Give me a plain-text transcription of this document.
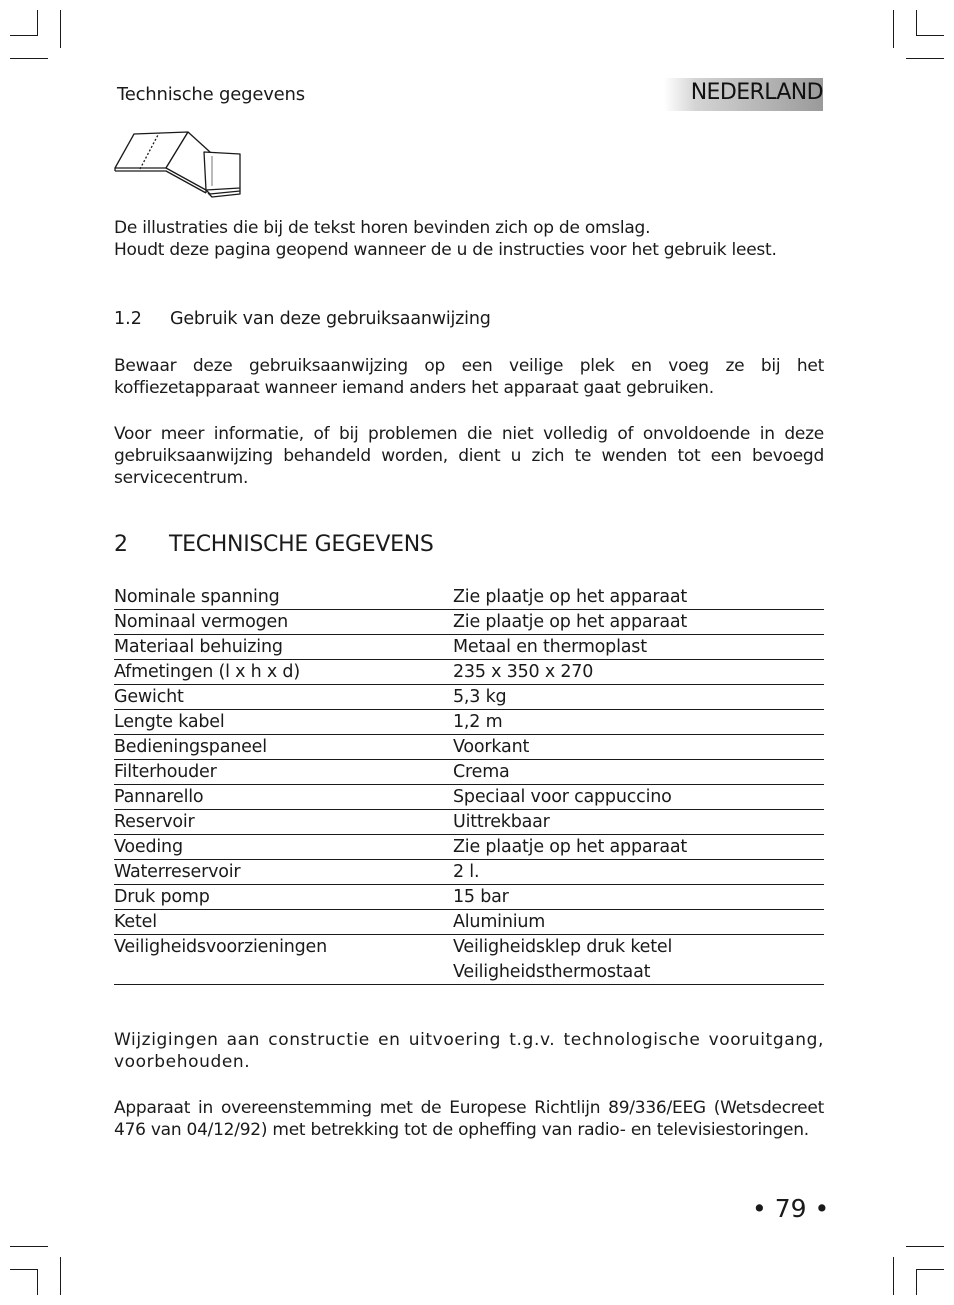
Technische gegevens	NEDERLAND
De illustraties die bij de tekst horen bevinden zich op de omslag.
Houdt deze pagina geopend wanneer de u de instructies voor het gebruik leest.
1.2 Gebruik van deze gebruiksaanwijzing

Bewaar deze gebruiksaanwijzing op een veilige plek en voeg ze bij het koffiezetapparaat wanneer iemand anders het apparaat gaat gebruiken.

Voor meer informatie, of bij problemen die niet volledig of onvoldoende in deze gebruiksaanwijzing behandeld worden, dient u zich te wenden tot een bevoegd servicecentrum.

2 TECHNISCHE GEGEVENS
Nominale spanning	Zie plaatje op het apparaat
Nominaal vermogen	Zie plaatje op het apparaat
Materiaal behuizing	Metaal en thermoplast
Afmetingen (l x h x d)	235 x 350 x 270
Gewicht	5,3 kg
Lengte kabel	1,2 m
Bedieningspaneel	Voorkant
Filterhouder	Crema
Pannarello	Speciaal voor cappuccino
Reservoir	Uittrekbaar
Voeding	Zie plaatje op het apparaat
Waterreservoir	2 l.
Druk pomp	15 bar
Ketel	Aluminium
Veiligheidsvoorzieningen	Veiligheidsklep druk ketel
Veiligheidsthermostaat

Wijzigingen aan constructie en uitvoering t.g.v. technologische vooruitgang, voorbehouden.

Apparaat in overeenstemming met de Europese Richtlijn 89/336/EEG (Wetsdecreet 476 van 04/12/92) met betrekking tot de opheffing van radio- en televisiestoringen.

• 79 •
